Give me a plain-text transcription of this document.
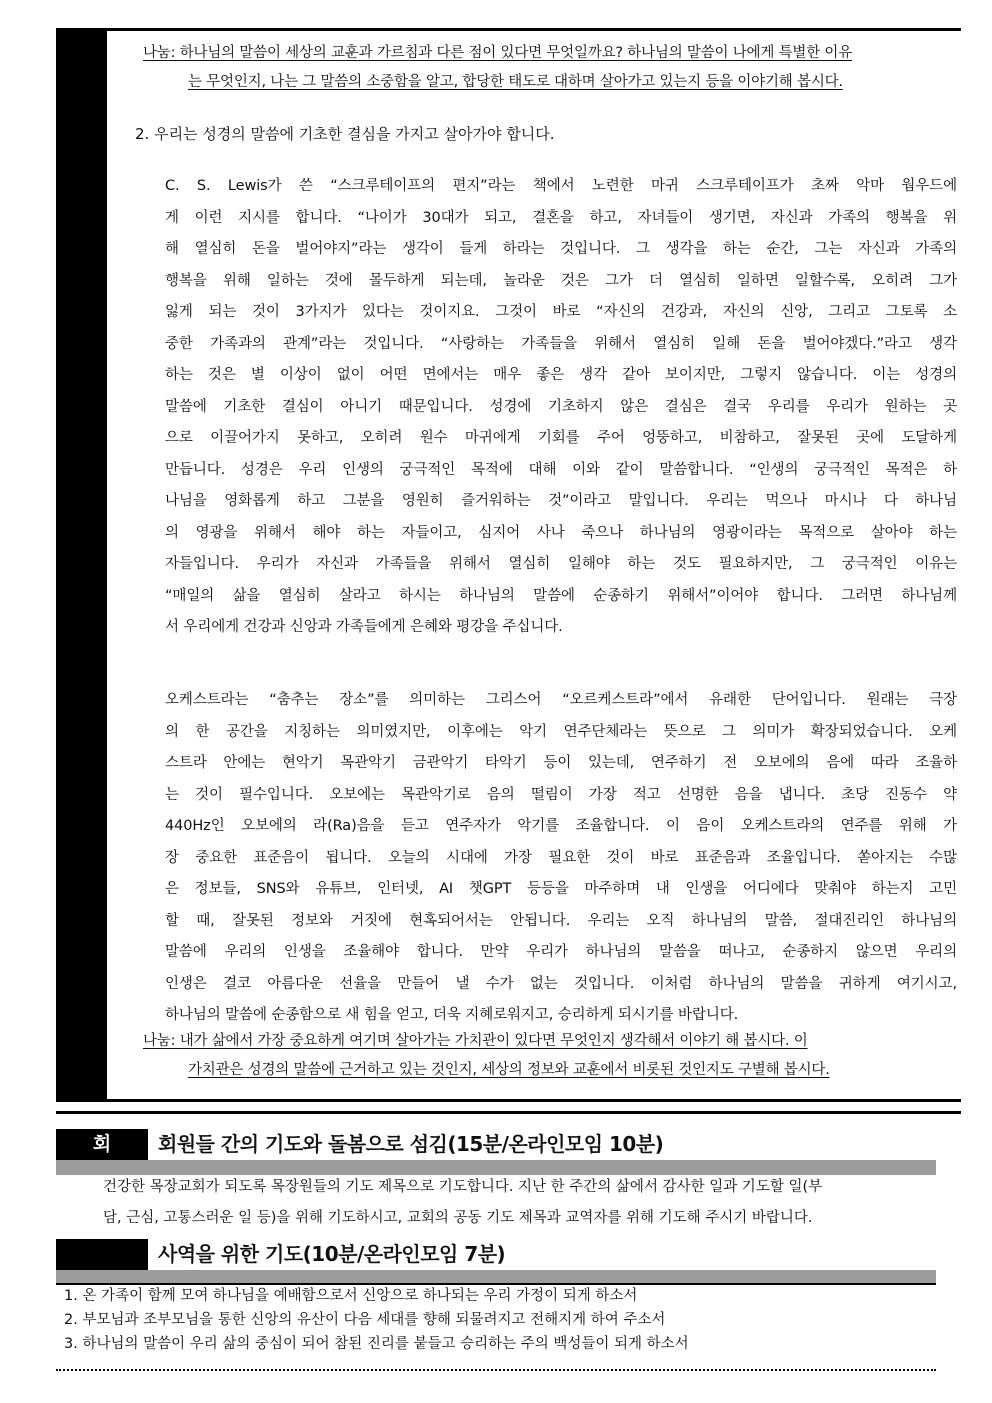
나눔: 하나님의 말씀이 세상의 교훈과 가르침과 다른 점이 있다면 무엇일까요? 하나님의 말씀이 나에게 특별한 이유
는 무엇인지, 나는 그 말씀의 소중함을 알고, 합당한 태도로 대하며 살아가고 있는지 등을 이야기해 봅시다.
2. 우리는 성경의 말씀에 기초한 결심을 가지고 살아가야 합니다.
C. S. Lewis가 쓴 “스크루테이프의 편지”라는 책에서 노련한 마귀 스크루테이프가 초짜 악마 웜우드에
게 이런 지시를 합니다. “나이가 30대가 되고, 결혼을 하고, 자녀들이 생기면, 자신과 가족의 행복을 위
해 열심히 돈을 벌어야지”라는 생각이 들게 하라는 것입니다. 그 생각을 하는 순간, 그는 자신과 가족의
행복을 위해 일하는 것에 몰두하게 되는데, 놀라운 것은 그가 더 열심히 일하면 일할수록, 오히려 그가
잃게 되는 것이 3가지가 있다는 것이지요. 그것이 바로 “자신의 건강과, 자신의 신앙, 그리고 그토록 소
중한 가족과의 관계”라는 것입니다. “사랑하는 가족들을 위해서 열심히 일해 돈을 벌어야겠다.”라고 생각
하는 것은 별 이상이 없이 어떤 면에서는 매우 좋은 생각 같아 보이지만, 그렇지 않습니다. 이는 성경의
말씀에 기초한 결심이 아니기 때문입니다. 성경에 기초하지 않은 결심은 결국 우리를 우리가 원하는 곳
으로 이끌어가지 못하고, 오히려 원수 마귀에게 기회를 주어 엉뚱하고, 비참하고, 잘못된 곳에 도달하게
만듭니다. 성경은 우리 인생의 궁극적인 목적에 대해 이와 같이 말씀합니다. “인생의 궁극적인 목적은 하
나님을 영화롭게 하고 그분을 영원히 즐거워하는 것”이라고 말입니다. 우리는 먹으나 마시나 다 하나님
의 영광을 위해서 해야 하는 자들이고, 심지어 사나 죽으나 하나님의 영광이라는 목적으로 살아야 하는
자들입니다. 우리가 자신과 가족들을 위해서 열심히 일해야 하는 것도 필요하지만, 그 궁극적인 이유는
“매일의 삶을 열심히 살라고 하시는 하나님의 말씀에 순종하기 위해서”이어야 합니다. 그러면 하나님께
서 우리에게 건강과 신앙과 가족들에게 은혜와 평강을 주십니다.
오케스트라는 “춤추는 장소”를 의미하는 그리스어 “오르케스트라”에서 유래한 단어입니다. 원래는 극장
의 한 공간을 지칭하는 의미였지만, 이후에는 악기 연주단체라는 뜻으로 그 의미가 확장되었습니다. 오케
스트라 안에는 현악기 목관악기 금관악기 타악기 등이 있는데, 연주하기 전 오보에의 음에 따라 조율하
는 것이 필수입니다. 오보에는 목관악기로 음의 떨림이 가장 적고 선명한 음을 냅니다. 초당 진동수 약
440Hz인 오보에의 라(Ra)음을 듣고 연주자가 악기를 조율합니다. 이 음이 오케스트라의 연주를 위해 가
장 중요한 표준음이 됩니다. 오늘의 시대에 가장 필요한 것이 바로 표준음과 조율입니다. 쏟아지는 수많
은 정보들, SNS와 유튜브, 인터넷, AI 챗GPT 등등을 마주하며 내 인생을 어디에다 맞춰야 하는지 고민
할 때, 잘못된 정보와 거짓에 현혹되어서는 안됩니다. 우리는 오직 하나님의 말씀, 절대진리인 하나님의
말씀에 우리의 인생을 조율해야 합니다. 만약 우리가 하나님의 말씀을 떠나고, 순종하지 않으면 우리의
인생은 결코 아름다운 선율을 만들어 낼 수가 없는 것입니다. 이처럼 하나님의 말씀을 귀하게 여기시고,
하나님의 말씀에 순종함으로 새 힘을 얻고, 더욱 지혜로워지고, 승리하게 되시기를 바랍니다.
나눔: 내가 삶에서 가장 중요하게 여기며 살아가는 가치관이 있다면 무엇인지 생각해서 이야기 해 봅시다. 이
가치관은 성경의 말씀에 근거하고 있는 것인지, 세상의 정보와 교훈에서 비롯된 것인지도 구별해 봅시다.
회	회원들 간의 기도와 돌봄으로 섬김(15분/온라인모임 10분)
건강한 목장교회가 되도록 목장원들의 기도 제목으로 기도합니다. 지난 한 주간의 삶에서 감사한 일과 기도할 일(부
담, 근심, 고통스러운 일 등)을 위해 기도하시고, 교회의 공동 기도 제목과 교역자를 위해 기도해 주시기 바랍니다.
사역을 위한 기도(10분/온라인모임 7분)
1. 온 가족이 함께 모여 하나님을 예배함으로서 신앙으로 하나되는 우리 가정이 되게 하소서
2. 부모님과 조부모님을 통한 신앙의 유산이 다음 세대를 향해 되물려지고 전해지게 하여 주소서
3. 하나님의 말씀이 우리 삶의 중심이 되어 참된 진리를 붙들고 승리하는 주의 백성들이 되게 하소서
